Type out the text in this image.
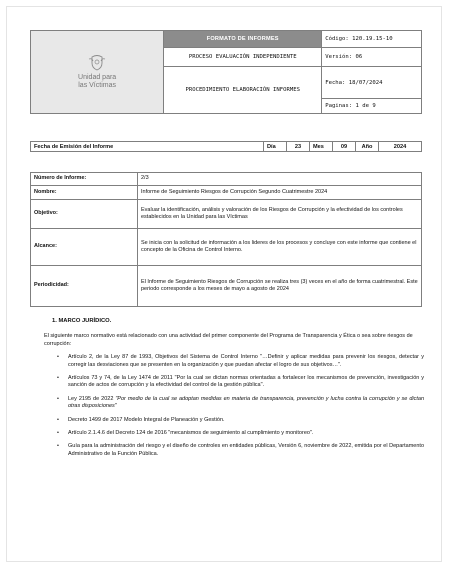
Unidad para
las Víctimas	FORMATO DE INFORMES	Código: 120.19.15-10
	PROCESO EVALUACIÓN INDEPENDIENTE	Versión: 06
	PROCEDIMIENTO ELABORACIÓN INFORMES	Fecha: 18/07/2024
		Paginas: 1 de 9
Fecha de Emisión del Informe		Día	23	Mes	09	Año	2024
Número de Informe:	2/3
Nombre:	Informe de Seguimiento Riesgos de Corrupción Segundo Cuatrimestre 2024
Objetivo:	Evaluar la identificación, análisis y valoración de los Riesgos de Corrupción y la efectividad de los controles establecidos en la Unidad para las Víctimas
Alcance:	Se inicia con la solicitud de información a los lideres de los procesos y concluye con este informe que contiene el concepto de la Oficina de Control Interno.
Periodicidad:	El Informe de Seguimiento Riesgos de Corrupción se realiza tres (3) veces en el año de forma cuatrimestral. Este periodo corresponde a los meses de mayo a agosto de 2024
1. MARCO JURÍDICO.
El siguiente marco normativo está relacionado con una actividad del primer componente del Programa de Transparencia y Ética o sea sobre riesgos de corrupción:
• Artículo 2, de la Ley 87 de 1993, Objetivos del Sistema de Control Interno "…Definir y aplicar medidas para prevenir los riesgos, detectar y corregir las desviaciones que se presenten en la organización y que puedan afectar el logro de sus objetivos…".
• Artículos 73 y 74, de la Ley 1474 de 2011 "Por la cual se dictan normas orientadas a fortalecer los mecanismos de prevención, investigación y sanción de actos de corrupción y la efectividad del control de la gestión pública".
• Ley 2195 de 2022 "Por medio de la cual se adoptan medidas en materia de transparencia, prevención y lucha contra la corrupción y se dictan otras disposiciones"
• Decreto 1499 de 2017 Modelo Integral de Planeación y Gestión.
• Artículo 2.1.4.6 del Decreto 124 de 2016 "mecanismos de seguimiento al cumplimiento y monitoreo".
• Guía para la administración del riesgo y el diseño de controles en entidades públicas, Versión 6, noviembre de 2022, emitida por el Departamento Administrativo de la Función Pública.
